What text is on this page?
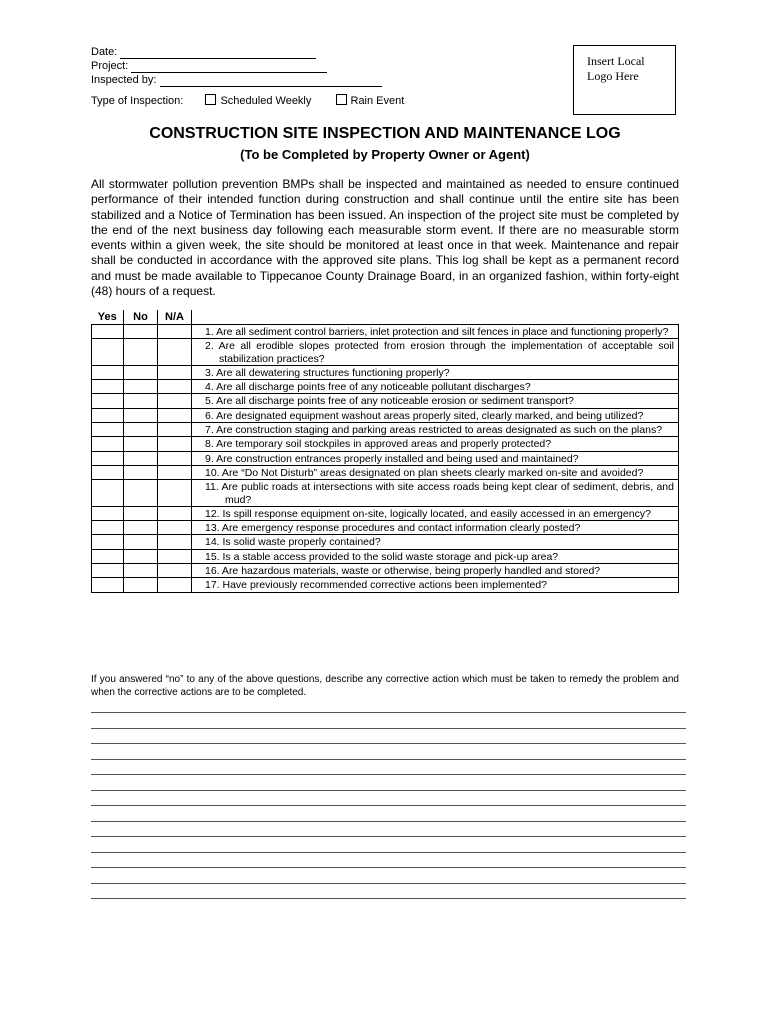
Date:
Project:
Inspected by:
Type of Inspection:	Scheduled Weekly	Rain Event
Insert Local
Logo Here
CONSTRUCTION SITE INSPECTION AND MAINTENANCE LOG
(To be Completed by Property Owner or Agent)
All stormwater pollution prevention BMPs shall be inspected and maintained as needed to ensure continued performance of their intended function during construction and shall continue until the entire site has been stabilized and a Notice of Termination has been issued. An inspection of the project site must be completed by the end of the next business day following each measurable storm event. If there are no measurable storm events within a given week, the site should be monitored at least once in that week. Maintenance and repair shall be conducted in accordance with the approved site plans. This log shall be kept as a permanent record and must be made available to Tippecanoe County Drainage Board, in an organized fashion, within forty-eight (48) hours of a request.
Yes	No	N/A	

			1. Are all sediment control barriers, inlet protection and silt fences in place and functioning properly?

			2. Are all erodible slopes protected from erosion through the implementation of acceptable soil stabilization practices?

			3. Are all dewatering structures functioning properly?

			4. Are all discharge points free of any noticeable pollutant discharges?

			5. Are all discharge points free of any noticeable erosion or sediment transport?

			6. Are designated equipment washout areas properly sited, clearly marked, and being utilized?

			7. Are construction staging and parking areas restricted to areas designated as such on the plans?

			8. Are temporary soil stockpiles in approved areas and properly protected?

			9. Are construction entrances properly installed and being used and maintained?

			10. Are “Do Not Disturb” areas designated on plan sheets clearly marked on-site and avoided?

			11. Are public roads at intersections with site access roads being kept clear of sediment, debris, and mud?

			12. Is spill response equipment on-site, logically located, and easily accessed in an emergency?

			13. Are emergency response procedures and contact information clearly posted?

			14. Is solid waste properly contained?

			15. Is a stable access provided to the solid waste storage and pick-up area?

			16. Are hazardous materials, waste or otherwise, being properly handled and stored?

			17. Have previously recommended corrective actions been implemented?
If you answered “no” to any of the above questions, describe any corrective action which must be taken to remedy the problem and when the corrective actions are to be completed.
